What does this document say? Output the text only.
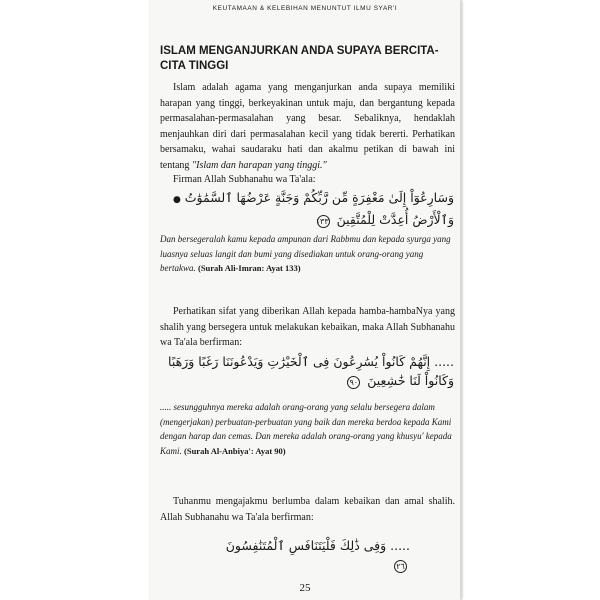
KEUTAMAAN & KELEBIHAN MENUNTUT ILMU SYAR'I
ISLAM MENGANJURKAN ANDA SUPAYA BERCITA-CITA TINGGI
Islam adalah agama yang menganjurkan anda supaya memiliki harapan yang tinggi, berkeyakinan untuk maju, dan bergantung kepada permasalahan-permasalahan yang besar. Sebaliknya, hendaklah menjauhkan diri dari permasalahan kecil yang tidak bererti. Perhatikan bersamaku, wahai saudaraku hati dan akalmu petikan di bawah ini tentang "Islam dan harapan yang tinggi."
Firman Allah Subhanahu wa Ta'ala:
وَسَارِعُوٓاْ إِلَىٰ مَغْفِرَةٍ مِّن رَّبِّكُمْ وَجَنَّةٍ عَرْضُهَا ٱلسَّمَٰوَٰتُ ●
وَٱلْأَرْضُ أُعِدَّتْ لِلْمُتَّقِينَ ١٣٣
Dan bersegeralah kamu kepada ampunan dari Rabbmu dan kepada syurga yang luasnya seluas langit dan bumi yang disediakan untuk orang-orang yang bertakwa. (Surah Ali-Imran: Ayat 133)
Perhatikan sifat yang diberikan Allah kepada hamba-hambaNya yang shalih yang bersegera untuk melakukan kebaikan, maka Allah Subhanahu wa Ta'ala berfirman:
..... إِنَّهُمْ كَانُواْ يُسَٰرِعُونَ فِى ٱلْخَيْرَٰتِ وَيَدْعُونَنَا رَغَبًا وَرَهَبًا
وَكَانُواْ لَنَا خَٰشِعِينَ ٩٠
..... sesungguhnya mereka adalah orang-orang yang selalu bersegera dalam (mengerjakan) perbuatan-perbuatan yang baik dan mereka berdoa kepada Kami dengan harap dan cemas. Dan mereka adalah orang-orang yang khusyu' kepada Kami. (Surah Al-Anbiya': Ayat 90)
Tuhanmu mengajakmu berlumba dalam kebaikan dan amal shalih. Allah Subhanahu wa Ta'ala berfirman:
..... وَفِى ذَٰلِكَ فَلْيَتَنَافَسِ ٱلْمُتَنَٰفِسُونَ ٢٦
25
